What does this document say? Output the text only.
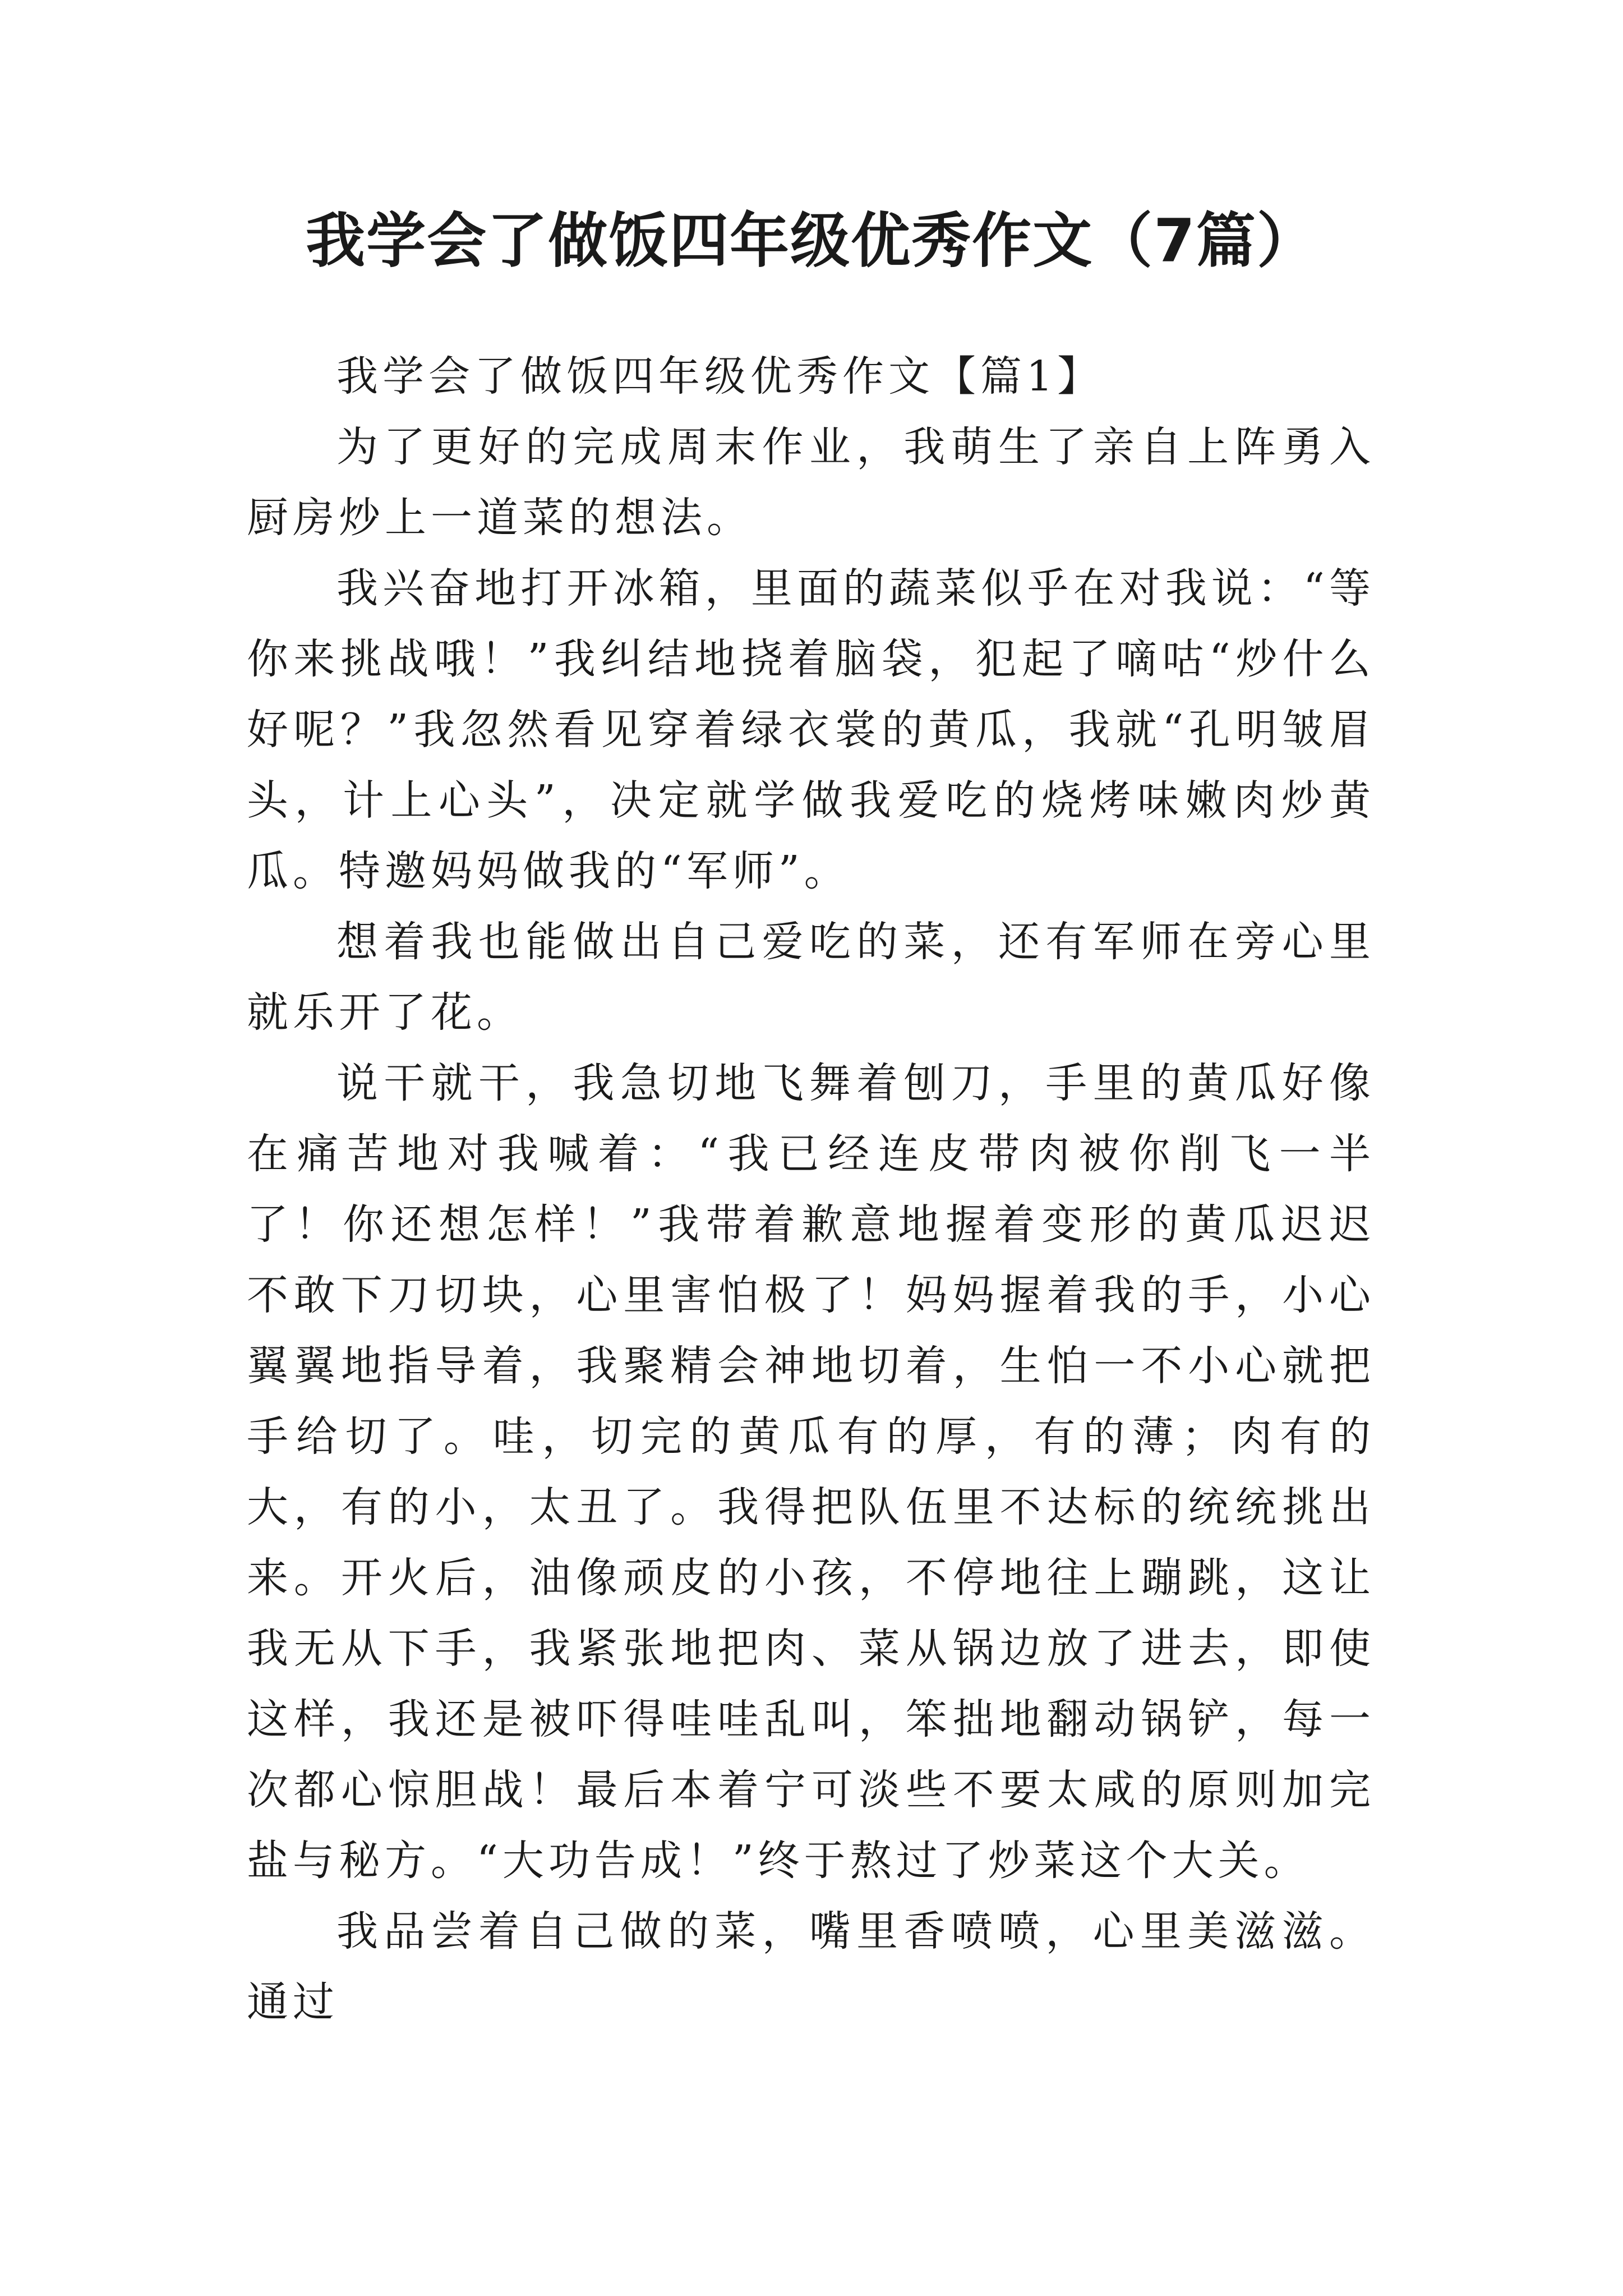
我学会了做饭四年级优秀作文（7篇）

我学会了做饭四年级优秀作文【篇1】

为了更好的完成周末作业，我萌生了亲自上阵勇入厨房炒上一道菜的想法。

我兴奋地打开冰箱，里面的蔬菜似乎在对我说：“等你来挑战哦！”我纠结地挠着脑袋，犯起了嘀咕“炒什么好呢？”我忽然看见穿着绿衣裳的黄瓜，我就“孔明皱眉头，计上心头”，决定就学做我爱吃的烧烤味嫩肉炒黄瓜。特邀妈妈做我的“军师”。

想着我也能做出自己爱吃的菜，还有军师在旁心里就乐开了花。

说干就干，我急切地飞舞着刨刀，手里的黄瓜好像在痛苦地对我喊着：“我已经连皮带肉被你削飞一半了！你还想怎样！”我带着歉意地握着变形的黄瓜迟迟不敢下刀切块，心里害怕极了！妈妈握着我的手，小心翼翼地指导着，我聚精会神地切着，生怕一不小心就把手给切了。哇，切完的黄瓜有的厚，有的薄；肉有的大，有的小，太丑了。我得把队伍里不达标的统统挑出来。开火后，油像顽皮的小孩，不停地往上蹦跳，这让我无从下手，我紧张地把肉、菜从锅边放了进去，即使这样，我还是被吓得哇哇乱叫，笨拙地翻动锅铲，每一次都心惊胆战！最后本着宁可淡些不要太咸的原则加完盐与秘方。“大功告成！”终于熬过了炒菜这个大关。

我品尝着自己做的菜，嘴里香喷喷，心里美滋滋。通过
